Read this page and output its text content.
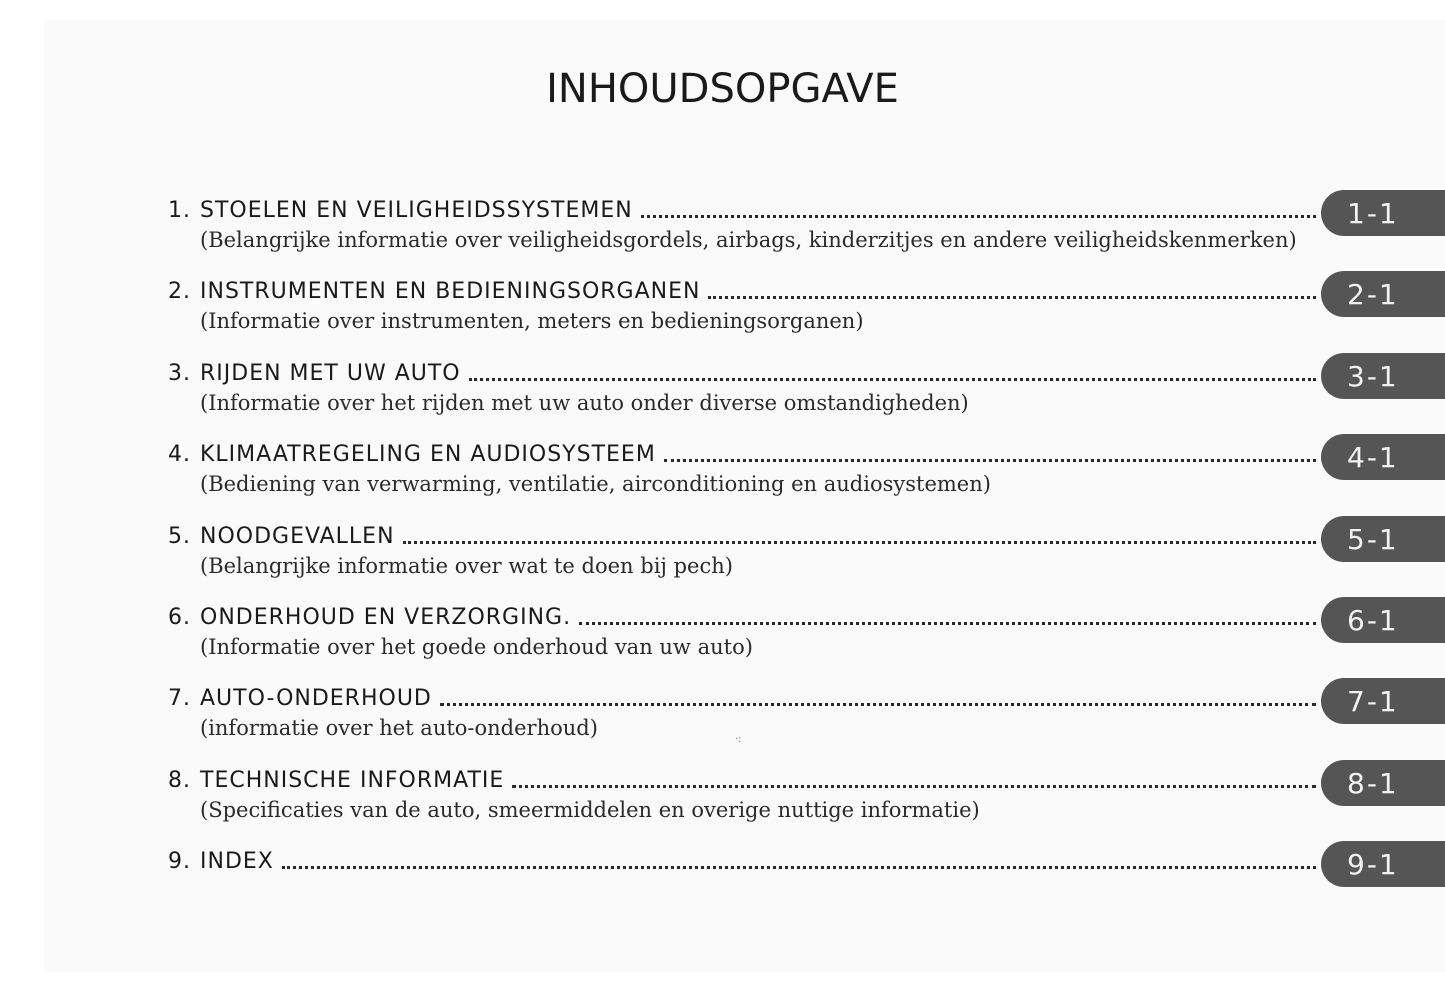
INHOUDSOPGAVE
1. STOELEN EN VEILIGHEIDSSYSTEMEN
(Belangrijke informatie over veiligheidsgordels, airbags, kinderzitjes en andere veiligheidskenmerken)
1-1
2. INSTRUMENTEN EN BEDIENINGSORGANEN
(Informatie over instrumenten, meters en bedieningsorganen)
2-1
3. RIJDEN MET UW AUTO
(Informatie over het rijden met uw auto onder diverse omstandigheden)
3-1
4. KLIMAATREGELING EN AUDIOSYSTEEM
(Bediening van verwarming, ventilatie, airconditioning en audiosystemen)
4-1
5. NOODGEVALLEN
(Belangrijke informatie over wat te doen bij pech)
5-1
6. ONDERHOUD EN VERZORGING.
(Informatie over het goede onderhoud van uw auto)
6-1
7. AUTO-ONDERHOUD
(informatie over het auto-onderhoud)
7-1
8. TECHNISCHE INFORMATIE
(Specificaties van de auto, smeermiddelen en overige nuttige informatie)
8-1
9. INDEX	9-1
·:
